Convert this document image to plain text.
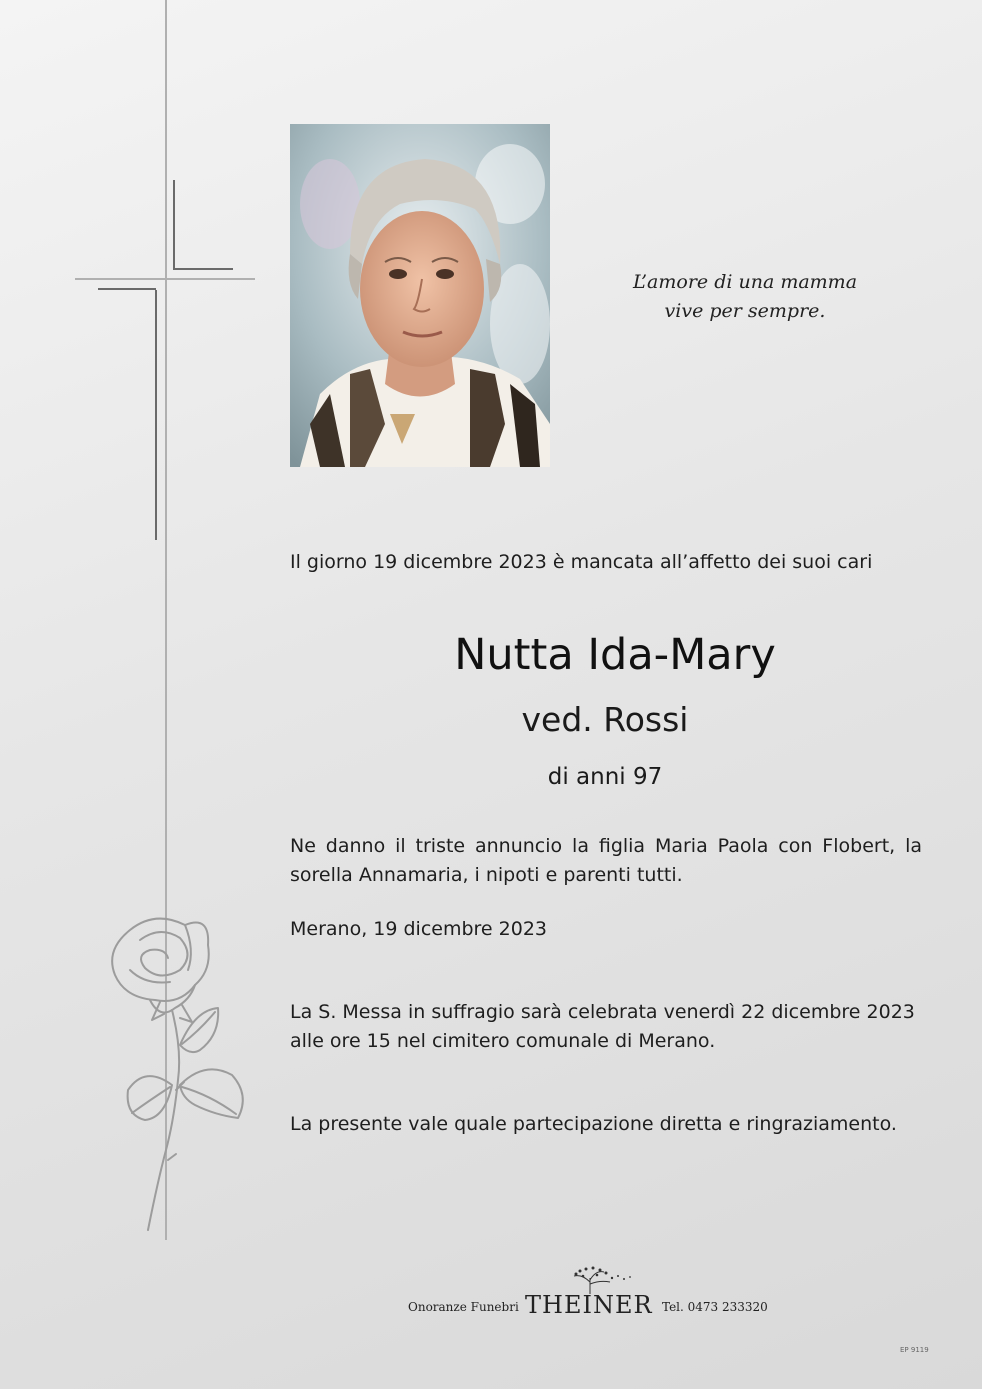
L’amore di una mamma
vive per sempre.
Il giorno 19 dicembre 2023 è mancata all’affetto dei suoi cari
Nutta Ida-Mary
ved. Rossi
di anni 97
Ne danno il triste annuncio la figlia Maria Paola con Flobert, la sorella Annamaria, i nipoti e parenti tutti.
Merano, 19 dicembre 2023
La S. Messa in suffragio sarà celebrata venerdì 22 dicembre 2023 alle ore 15 nel cimitero comunale di Merano.
La presente vale quale partecipazione diretta e ringraziamento.
Onoranze Funebri THEINER Tel. 0473 233320
EP 9119
